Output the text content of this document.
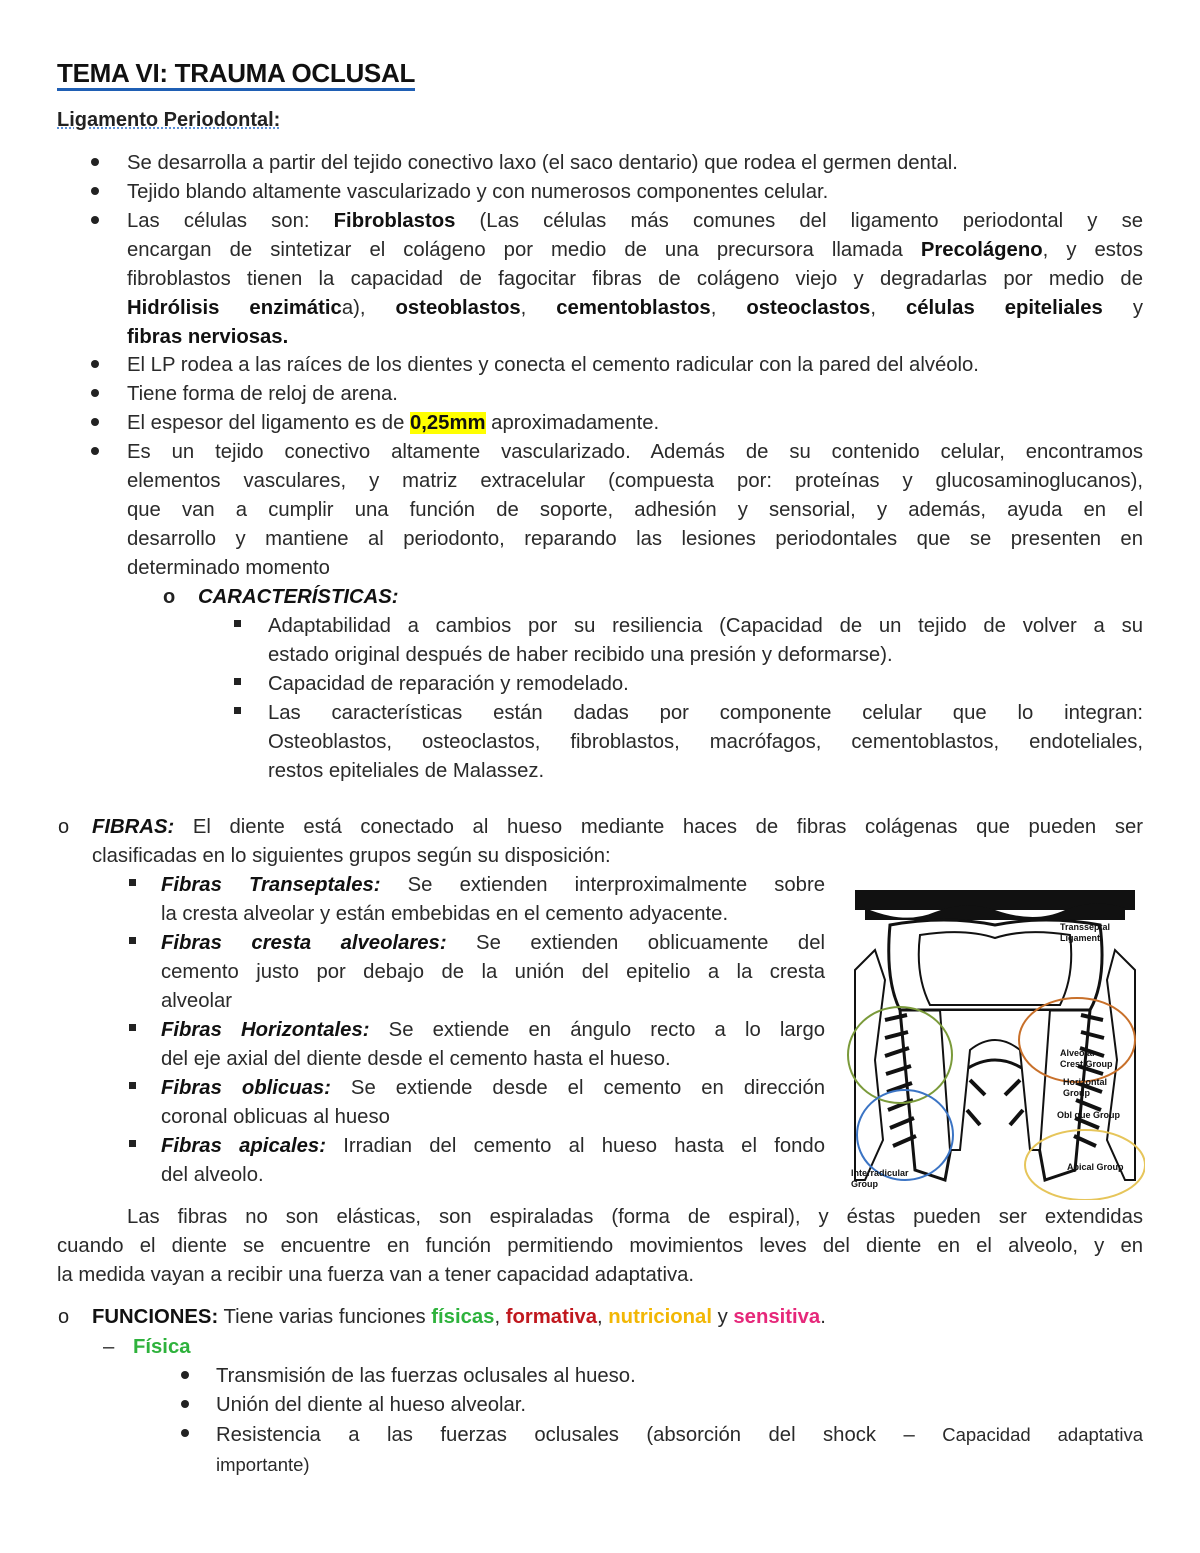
TEMA VI: TRAUMA OCLUSAL
Ligamento Periodontal:
Se desarrolla a partir del tejido conectivo laxo (el saco dentario) que rodea el germen dental.
Tejido blando altamente vascularizado y con numerosos componentes celular.
Las células son: Fibroblastos (Las células más comunes del ligamento periodontal y se
encargan de sintetizar el colágeno por medio de una precursora llamada Precolágeno, y estos
fibroblastos tienen la capacidad de fagocitar fibras de colágeno viejo y degradarlas por medio de
Hidrólisis enzimática), osteoblastos, cementoblastos, osteoclastos, células epiteliales y
fibras nerviosas.
El LP rodea a las raíces de los dientes y conecta el cemento radicular con la pared del alvéolo.
Tiene forma de reloj de arena.
El espesor del ligamento es de 0,25mm aproximadamente.
Es un tejido conectivo altamente vascularizado. Además de su contenido celular, encontramos
elementos vasculares, y matriz extracelular (compuesta por: proteínas y glucosaminoglucanos),
que van a cumplir una función de soporte, adhesión y sensorial, y además, ayuda en el
desarrollo y mantiene al periodonto, reparando las lesiones periodontales que se presenten en
determinado momento
o CARACTERÍSTICAS:
Adaptabilidad a cambios por su resiliencia (Capacidad de un tejido de volver a su
estado original después de haber recibido una presión y deformarse).
Capacidad de reparación y remodelado.
Las características están dadas por componente celular que lo integran:
Osteoblastos, osteoclastos, fibroblastos, macrófagos, cementoblastos, endoteliales,
restos epiteliales de Malassez.
o FIBRAS: El diente está conectado al hueso mediante haces de fibras colágenas que pueden ser
clasificadas en lo siguientes grupos según su disposición:
Fibras Transeptales: Se extienden interproximalmente sobre
la cresta alveolar y están embebidas en el cemento adyacente.
Fibras cresta alveolares: Se extienden oblicuamente del
cemento justo por debajo de la unión del epitelio a la cresta
alveolar
Fibras Horizontales: Se extiende en ángulo recto a lo largo
del eje axial del diente desde el cemento hasta el hueso.
Fibras oblicuas: Se extiende desde el cemento en dirección
coronal oblicuas al hueso
Fibras apicales: Irradian del cemento al hueso hasta el fondo
del alveolo.
Transseptal
Ligament
Alveolar
Crest Group
Horizontal
Group
Obl que Group
Apical Group
Interradicular
Group
Las fibras no son elásticas, son espiraladas (forma de espiral), y éstas pueden ser extendidas
cuando el diente se encuentre en función permitiendo movimientos leves del diente en el alveolo, y en
la medida vayan a recibir una fuerza van a tener capacidad adaptativa.
o FUNCIONES: Tiene varias funciones físicas, formativa, nutricional y sensitiva.
– Física
Transmisión de las fuerzas oclusales al hueso.
Unión del diente al hueso alveolar.
Resistencia a las fuerzas oclusales (absorción del shock – Capacidad adaptativa
importante)
